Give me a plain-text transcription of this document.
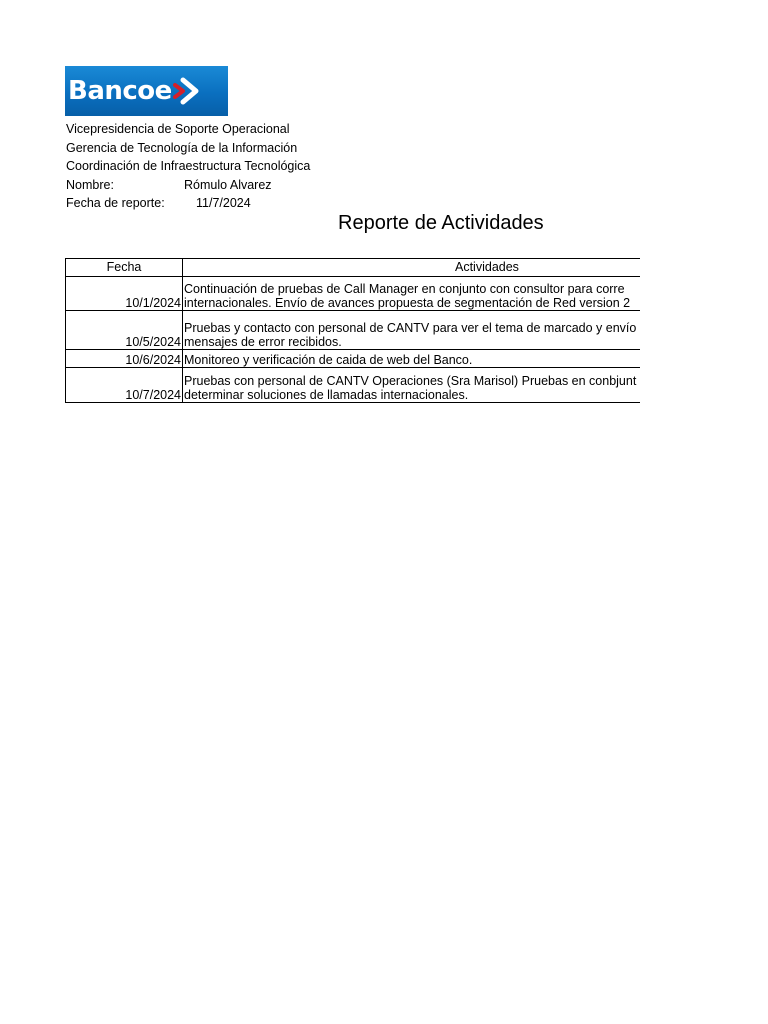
Bancoe
Vicepresidencia de Soporte Operacional
Gerencia de Tecnología de la Información
Coordinación de Infraestructura Tecnológica
Nombre:	Rómulo Alvarez
Fecha de reporte:	11/7/2024
Reporte de Actividades
Fecha	Actividades
10/1/2024	Continuación de pruebas de Call Manager en conjunto con consultor para corre
internacionales. Envío de avances propuesta de segmentación de Red version 2

10/5/2024	Pruebas y contacto con personal de CANTV para ver el tema de marcado y envío
mensajes de error recibidos.

10/6/2024	Monitoreo y verificación de caida de web del Banco.

10/7/2024	Pruebas con personal de CANTV Operaciones (Sra Marisol) Pruebas en conbjunt
determinar soluciones de llamadas internacionales.
